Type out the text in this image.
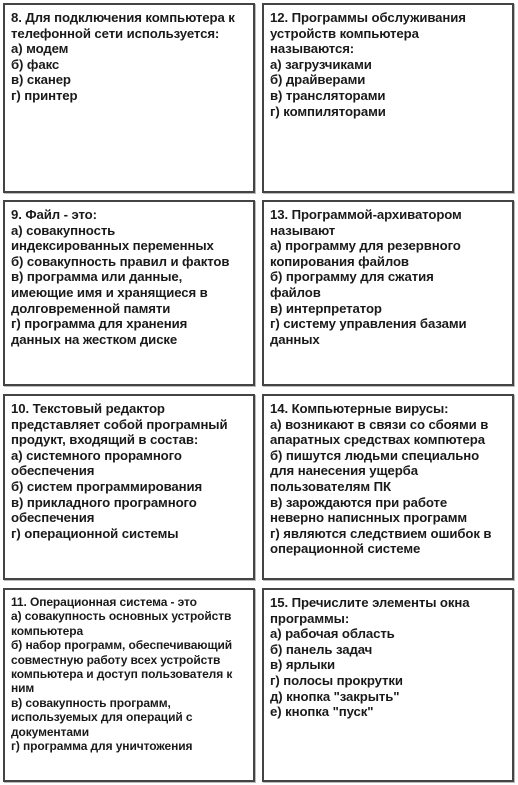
8. Для подключения компьютера к
телефонной сети используется:
а) модем
б) факс
в) сканер
г) принтер
12. Программы обслуживания
устройств компьютера
называются:
а) загрузчиками
б) драйверами
в) трансляторами
г) компиляторами
9. Файл - это:
а) совакупность
индексированных переменных
б) совакупность правил и фактов
в) программа или данные,
имеющие имя и хранящиеся в
долговременной памяти
г) программа для хранения
данных на жестком диске
13. Программой-архиватором
называют
а) программу для резервного
копирования файлов
б) программу для сжатия
файлов
в) интерпретатор
г) систему управления базами
данных
10. Текстовый редактор
представляет собой програмный
продукт, входящий в состав:
а) системного прорамного
обеспечения
б) систем программирования
в) прикладного програмного
обеспечения
г) операционной системы
14. Компьютерные вирусы:
а) возникают в связи со сбоями в
апаратных средствах компютера
б) пишутся людьми специально
для нанесения ущерба
пользователям ПК
в) зарождаются при работе
неверно написнных программ
г) являются следствием ошибок в
операционной системе
11. Операционная система - это
а) совакупность основных устройств
компьютера
б) набор программ, обеспечивающий
совместную работу всех устройств
компьютера и доступ пользователя к
ним
в) совакупность программ,
используемых для операций с
документами
г) программа для уничтожения
15. Пречислите элементы окна
программы:
а) рабочая область
б) панель задач
в) ярлыки
г) полосы прокрутки
д) кнопка "закрыть"
е) кнопка "пуск"
